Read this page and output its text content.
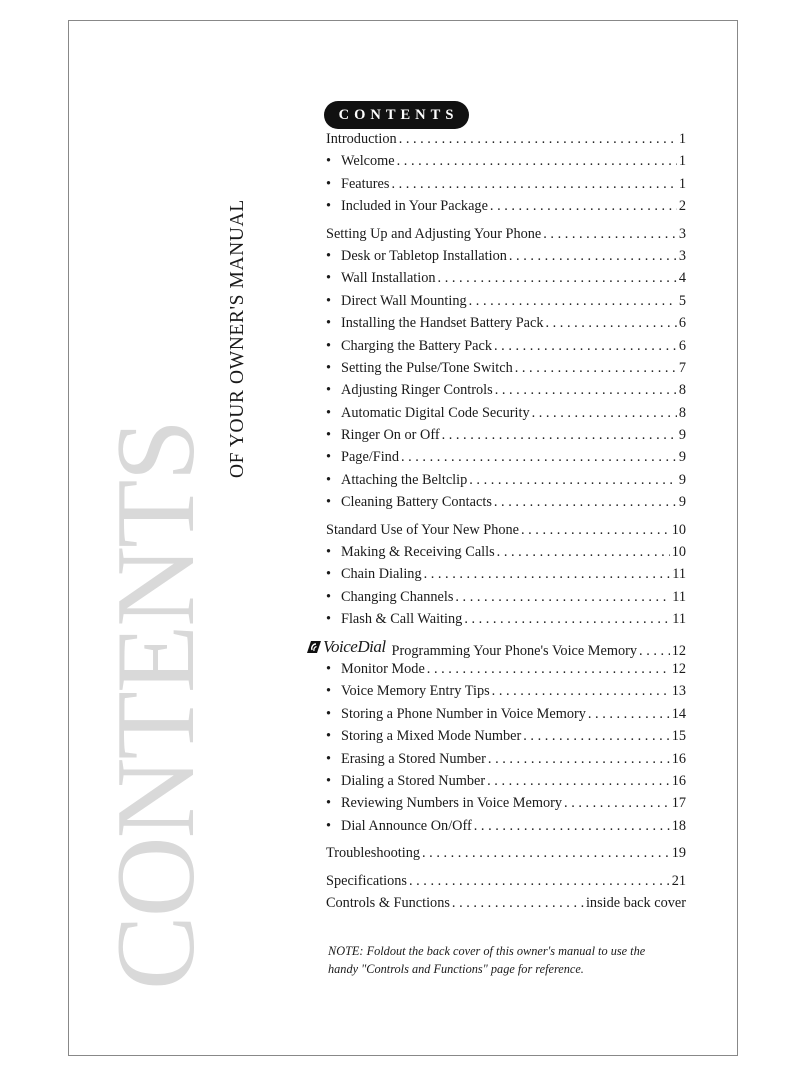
CONTENTS
OF YOUR OWNER'S MANUAL
CONTENTS
Introduction . . .	1
• Welcome . . .	1
• Features . . .	1
• Included in Your Package . . .	2
Setting Up and Adjusting Your Phone . . .	3
• Desk or Tabletop Installation . . .	3
• Wall Installation . . .	4
• Direct Wall Mounting . . .	5
• Installing the Handset Battery Pack . . .	6
• Charging the Battery Pack . . .	6
• Setting the Pulse/Tone Switch . . .	7
• Adjusting Ringer Controls . . .	8
• Automatic Digital Code Security . . .	8
• Ringer On or Off . . .	9
• Page/Find . . .	9
• Attaching the Beltclip . . .	9
• Cleaning Battery Contacts . . .	9
Standard Use of Your New Phone . . .	10
• Making & Receiving Calls . . .	10
• Chain Dialing . . .	11
• Changing Channels . . .	11
• Flash & Call Waiting . . .	11
VoiceDial Programming Your Phone's Voice Memory . . . 12
• Monitor Mode . . .	12
• Voice Memory Entry Tips . . .	13
• Storing a Phone Number in Voice Memory . . .	14
• Storing a Mixed Mode Number . . .	15
• Erasing a Stored Number . . .	16
• Dialing a Stored Number . . .	16
• Reviewing Numbers in Voice Memory . . .	17
• Dial Announce On/Off . . .	18
Troubleshooting . . .	19
Specifications . . .	21
Controls & Functions . . .	inside back cover
NOTE: Foldout the back cover of this owner's manual to use the handy "Controls and Functions" page for reference.
